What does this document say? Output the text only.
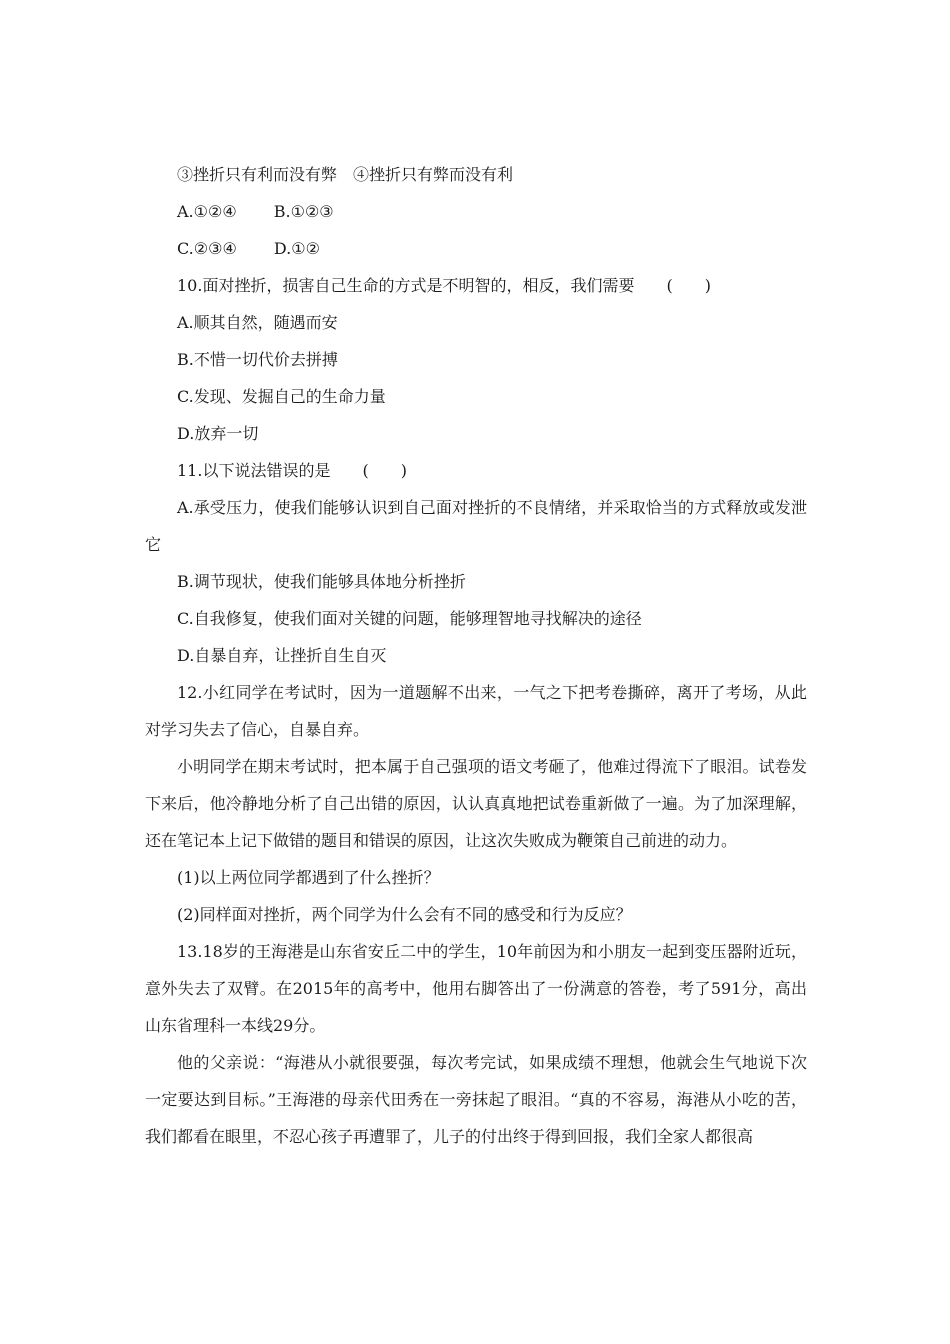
③挫折只有利而没有弊　④挫折只有弊而没有利
A.①②④　　 B.①②③
C.②③④　　 D.①②
10.面对挫折，损害自己生命的方式是不明智的，相反，我们需要　　(　　)
A.顺其自然，随遇而安
B.不惜一切代价去拼搏
C.发现、发掘自己的生命力量
D.放弃一切
11.以下说法错误的是　　(　　)
A.承受压力，使我们能够认识到自己面对挫折的不良情绪，并采取恰当的方式释放或发泄它
B.调节现状，使我们能够具体地分析挫折
C.自我修复，使我们面对关键的问题，能够理智地寻找解决的途径
D.自暴自弃，让挫折自生自灭
12.小红同学在考试时，因为一道题解不出来，一气之下把考卷撕碎，离开了考场，从此对学习失去了信心，自暴自弃。
小明同学在期末考试时，把本属于自己强项的语文考砸了，他难过得流下了眼泪。试卷发下来后，他冷静地分析了自己出错的原因，认认真真地把试卷重新做了一遍。为了加深理解，还在笔记本上记下做错的题目和错误的原因，让这次失败成为鞭策自己前进的动力。
(1)以上两位同学都遇到了什么挫折？
(2)同样面对挫折，两个同学为什么会有不同的感受和行为反应？
13.18岁的王海港是山东省安丘二中的学生，10年前因为和小朋友一起到变压器附近玩，意外失去了双臂。在2015年的高考中，他用右脚答出了一份满意的答卷，考了591分，高出山东省理科一本线29分。
他的父亲说：“海港从小就很要强，每次考完试，如果成绩不理想，他就会生气地说下次一定要达到目标。”王海港的母亲代田秀在一旁抹起了眼泪。“真的不容易，海港从小吃的苦，我们都看在眼里，不忍心孩子再遭罪了，儿子的付出终于得到回报，我们全家人都很高
